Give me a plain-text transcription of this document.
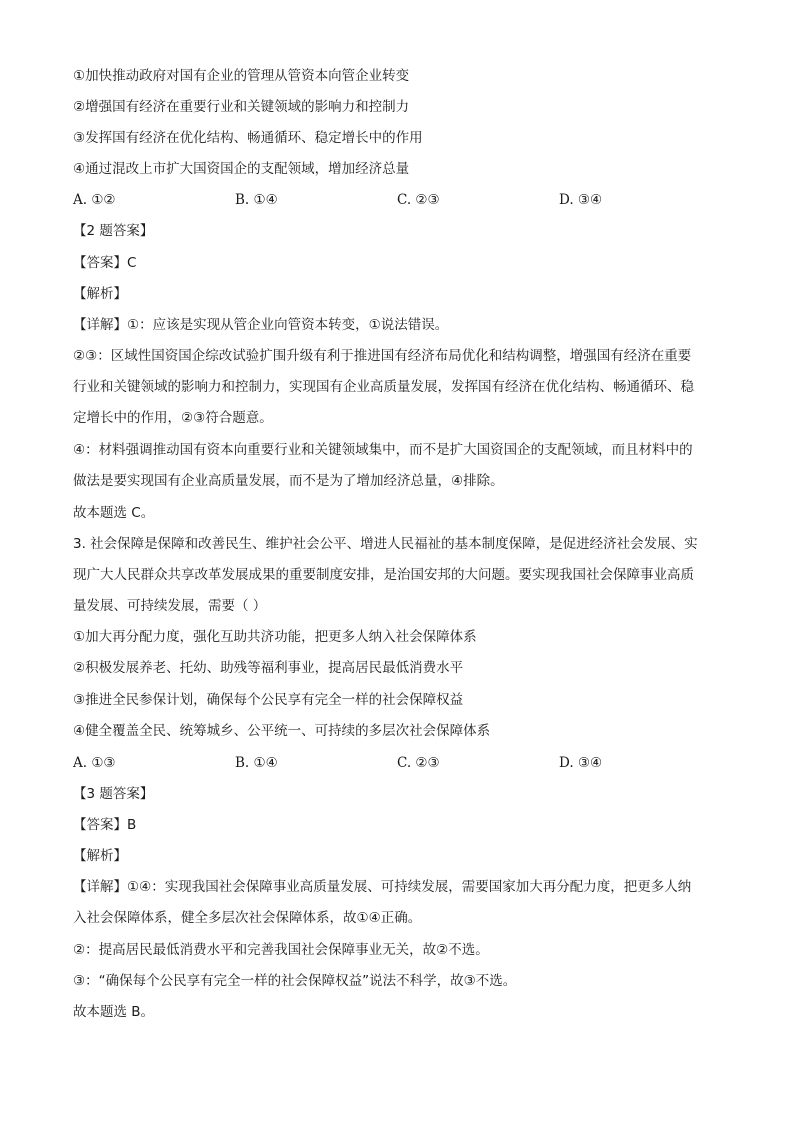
①加快推动政府对国有企业的管理从管资本向管企业转变
②增强国有经济在重要行业和关键领域的影响力和控制力
③发挥国有经济在优化结构、畅通循环、稳定增长中的作用
④通过混改上市扩大国资国企的支配领域，增加经济总量
A. ①②	B. ①④	C. ②③	D. ③④
【2 题答案】
【答案】C
【解析】
【详解】①：应该是实现从管企业向管资本转变，①说法错误。
②③：区域性国资国企综改试验扩围升级有利于推进国有经济布局优化和结构调整，增强国有经济在重要
行业和关键领域的影响力和控制力，实现国有企业高质量发展，发挥国有经济在优化结构、畅通循环、稳
定增长中的作用，②③符合题意。
④：材料强调推动国有资本向重要行业和关键领域集中，而不是扩大国资国企的支配领域，而且材料中的
做法是要实现国有企业高质量发展，而不是为了增加经济总量，④排除。
故本题选 C。
3. 社会保障是保障和改善民生、维护社会公平、增进人民福祉的基本制度保障，是促进经济社会发展、实
现广大人民群众共享改革发展成果的重要制度安排，是治国安邦的大问题。要实现我国社会保障事业高质
量发展、可持续发展，需要（ ）
①加大再分配力度，强化互助共济功能，把更多人纳入社会保障体系
②积极发展养老、托幼、助残等福利事业，提高居民最低消费水平
③推进全民参保计划，确保每个公民享有完全一样的社会保障权益
④健全覆盖全民、统筹城乡、公平统一、可持续的多层次社会保障体系
A. ①③	B. ①④	C. ②③	D. ③④
【3 题答案】
【答案】B
【解析】
【详解】①④：实现我国社会保障事业高质量发展、可持续发展，需要国家加大再分配力度，把更多人纳
入社会保障体系，健全多层次社会保障体系，故①④正确。
②：提高居民最低消费水平和完善我国社会保障事业无关，故②不选。
③：“确保每个公民享有完全一样的社会保障权益”说法不科学，故③不选。
故本题选 B。
